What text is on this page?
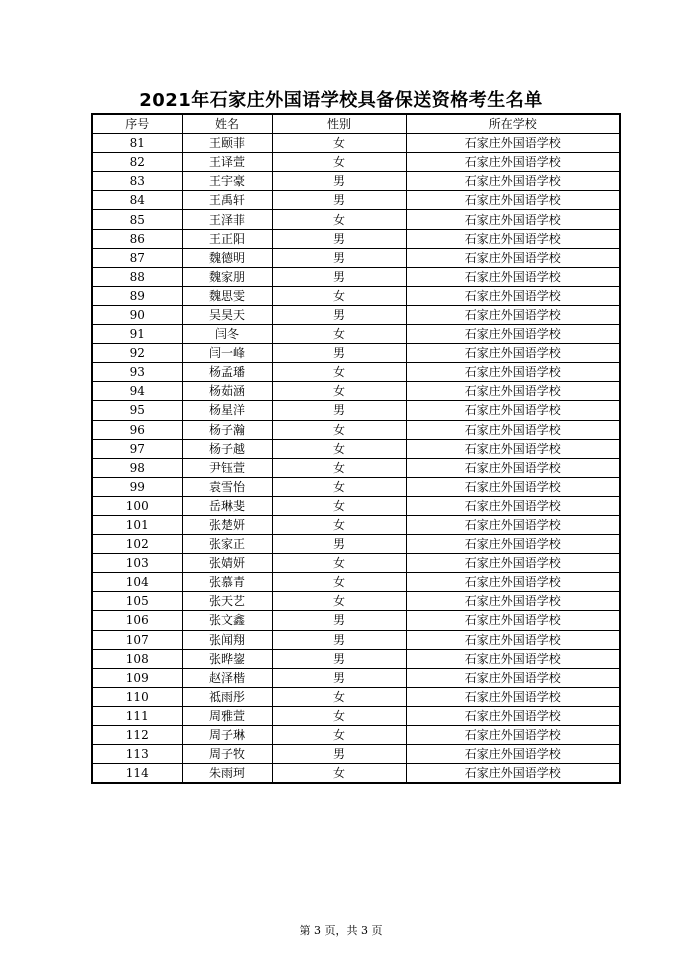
2021年石家庄外国语学校具备保送资格考生名单
序号	姓名	性别	所在学校
81	王颐菲	女	石家庄外国语学校
82	王译萱	女	石家庄外国语学校
83	王宇豪	男	石家庄外国语学校
84	王禹轩	男	石家庄外国语学校
85	王泽菲	女	石家庄外国语学校
86	王正阳	男	石家庄外国语学校
87	魏德明	男	石家庄外国语学校
88	魏家朋	男	石家庄外国语学校
89	魏思雯	女	石家庄外国语学校
90	吴昊天	男	石家庄外国语学校
91	闫冬	女	石家庄外国语学校
92	闫一峰	男	石家庄外国语学校
93	杨孟璠	女	石家庄外国语学校
94	杨茹涵	女	石家庄外国语学校
95	杨星洋	男	石家庄外国语学校
96	杨子瀚	女	石家庄外国语学校
97	杨子越	女	石家庄外国语学校
98	尹钰萱	女	石家庄外国语学校
99	袁雪怡	女	石家庄外国语学校
100	岳琳斐	女	石家庄外国语学校
101	张楚妍	女	石家庄外国语学校
102	张家正	男	石家庄外国语学校
103	张婧妍	女	石家庄外国语学校
104	张慕青	女	石家庄外国语学校
105	张天艺	女	石家庄外国语学校
106	张文鑫	男	石家庄外国语学校
107	张闻翔	男	石家庄外国语学校
108	张晔鋆	男	石家庄外国语学校
109	赵泽楷	男	石家庄外国语学校
110	祗雨彤	女	石家庄外国语学校
111	周雅萱	女	石家庄外国语学校
112	周子琳	女	石家庄外国语学校
113	周子牧	男	石家庄外国语学校
114	朱雨珂	女	石家庄外国语学校
第 3 页，共 3 页
